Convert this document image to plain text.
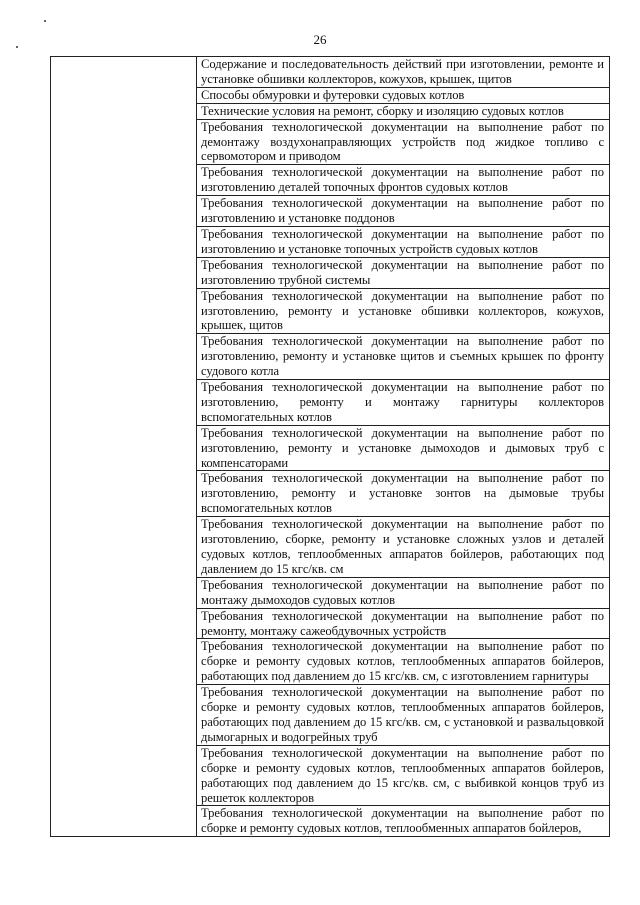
26
	Содержание и последовательность действий при изготовлении, ремонте и установке обшивки коллекторов, кожухов, крышек, щитов
Способы обмуровки и футеровки судовых котлов
Технические условия на ремонт, сборку и изоляцию судовых котлов
Требования технологической документации на выполнение работ по демонтажу воздухонаправляющих устройств под жидкое топливо с сервомотором и приводом
Требования технологической документации на выполнение работ по изготовлению деталей топочных фронтов судовых котлов
Требования технологической документации на выполнение работ по изготовлению и установке поддонов
Требования технологической документации на выполнение работ по изготовлению и установке топочных устройств судовых котлов
Требования технологической документации на выполнение работ по изготовлению трубной системы
Требования технологической документации на выполнение работ по изготовлению, ремонту и установке обшивки коллекторов, кожухов, крышек, щитов
Требования технологической документации на выполнение работ по изготовлению, ремонту и установке щитов и съемных крышек по фронту судового котла
Требования технологической документации на выполнение работ по изготовлению, ремонту и монтажу гарнитуры коллекторов вспомогательных котлов
Требования технологической документации на выполнение работ по изготовлению, ремонту и установке дымоходов и дымовых труб с компенсаторами
Требования технологической документации на выполнение работ по изготовлению, ремонту и установке зонтов на дымовые трубы вспомогательных котлов
Требования технологической документации на выполнение работ по изготовлению, сборке, ремонту и установке сложных узлов и деталей судовых котлов, теплообменных аппаратов бойлеров, работающих под давлением до 15 кгс/кв. см
Требования технологической документации на выполнение работ по монтажу дымоходов судовых котлов
Требования технологической документации на выполнение работ по ремонту, монтажу сажеобдувочных устройств
Требования технологической документации на выполнение работ по сборке и ремонту судовых котлов, теплообменных аппаратов бойлеров, работающих под давлением до 15 кгс/кв. см, с изготовлением гарнитуры
Требования технологической документации на выполнение работ по сборке и ремонту судовых котлов, теплообменных аппаратов бойлеров, работающих под давлением до 15 кгс/кв. см, с установкой и развальцовкой дымогарных и водогрейных труб
Требования технологической документации на выполнение работ по сборке и ремонту судовых котлов, теплообменных аппаратов бойлеров, работающих под давлением до 15 кгс/кв. см, с выбивкой концов труб из решеток коллекторов
Требования технологической документации на выполнение работ по сборке и ремонту судовых котлов, теплообменных аппаратов бойлеров,
